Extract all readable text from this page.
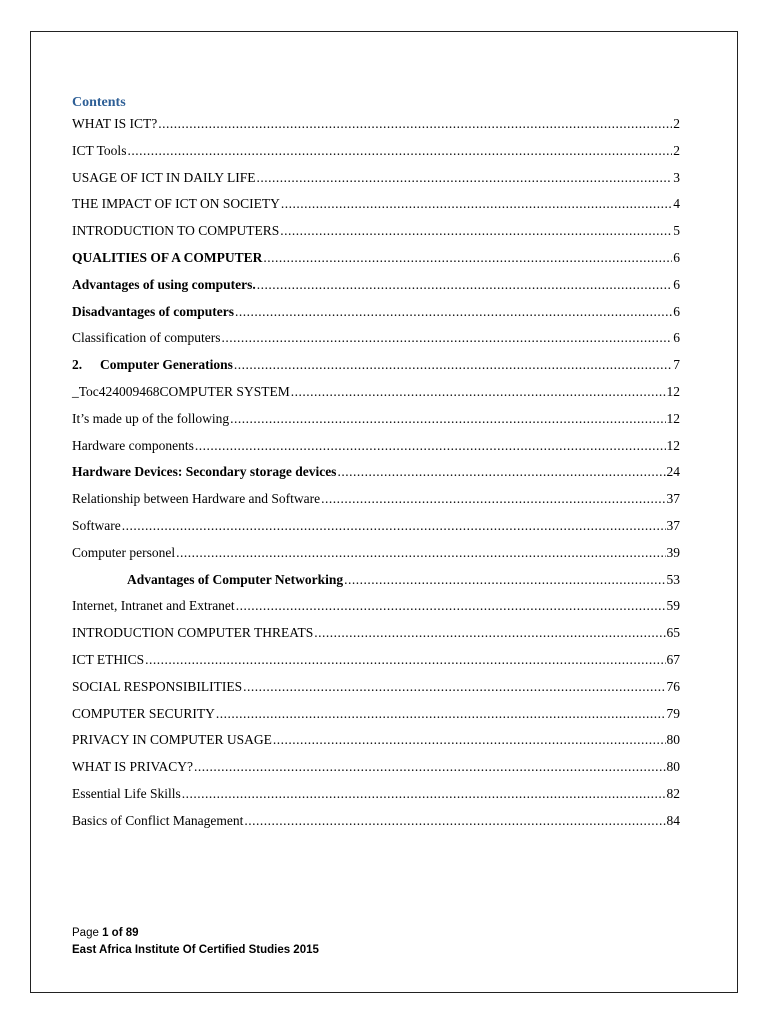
Contents
WHAT IS ICT? .....	2
ICT Tools .....	2
USAGE OF ICT IN DAILY LIFE .....	3
THE IMPACT OF ICT ON SOCIETY .....	4
INTRODUCTION TO COMPUTERS .....	5
QUALITIES OF A COMPUTER .....	6
Advantages of using computers. .....	6
Disadvantages of computers .....	6
Classification of computers .....	6
2. Computer Generations .....	7
_Toc424009468COMPUTER SYSTEM .....	12
It’s made up of the following .....	12
Hardware components .....	12
Hardware Devices: Secondary storage devices .....	24
Relationship between Hardware and Software .....	37
Software .....	37
Computer personel .....	39
Advantages of Computer Networking .....	53
Internet, Intranet and Extranet .....	59
INTRODUCTION COMPUTER THREATS .....	65
ICT ETHICS .....	67
SOCIAL RESPONSIBILITIES .....	76
COMPUTER SECURITY .....	79
PRIVACY IN COMPUTER USAGE .....	80
WHAT IS PRIVACY? .....	80
Essential Life Skills .....	82
Basics of Conflict Management .....	84
Page 1 of 89
East Africa Institute Of Certified Studies 2015
